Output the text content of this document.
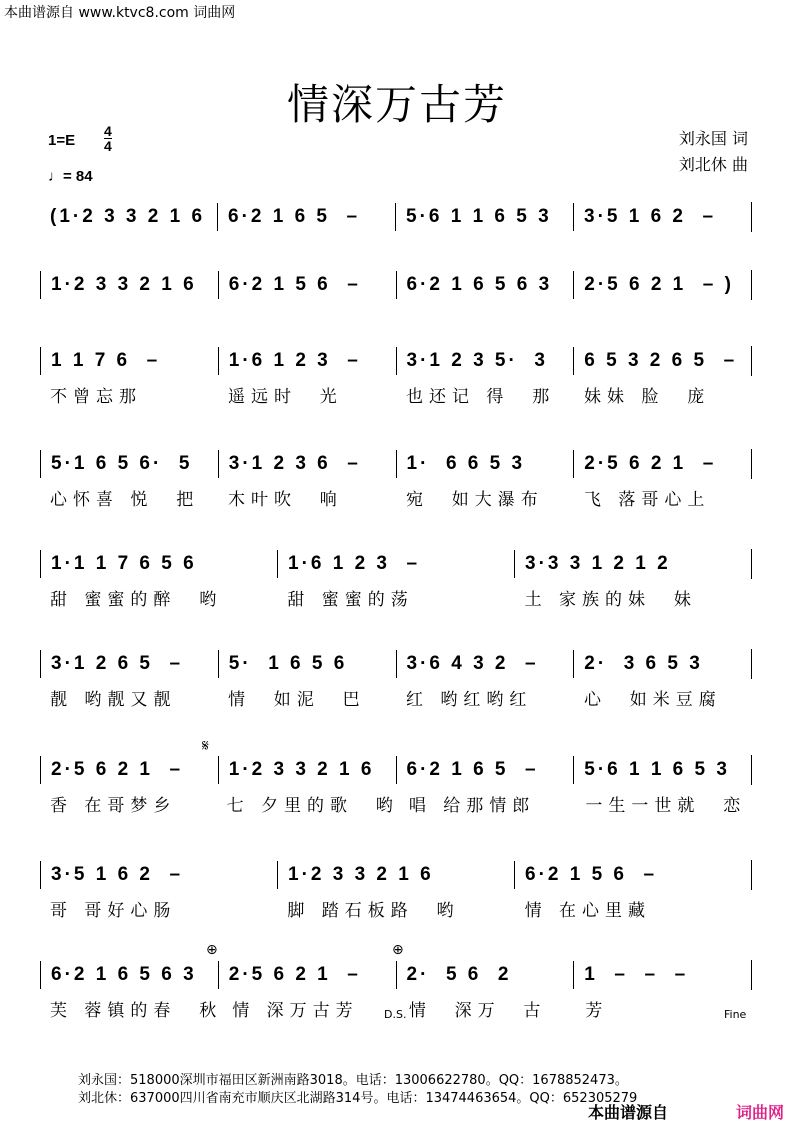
本曲谱源自 www.ktvc8.com 词曲网
情深万古芳
1=E
4
4
♩= 84
刘永国 词
刘北休 曲
(1·2 3 3 2 1 6	6·2 1 6 5  –	5·6 1 1 6 5 3	3·5 1 6 2  –
1·2 3 3 2 1 6	6·2 1 5 6  –	6·2 1 6 5 6 3	2·5 6 2 1  – )
1 1 7 6  –	1·6 1 2 3  –	3·1 2 3 5·  3	6 5 3 2 6 5  –
不曾忘那	遥远时  光	也还记 得  那	妹妹 脸  庞
5·1 6 5 6·  5	3·1 2 3 6  –	1·  6 6 5 3	2·5 6 2 1  –
心怀喜 悦  把	木叶吹  响	宛  如大瀑布	飞 落哥心上
1·1 1 7 6 5 6	1·6 1 2 3  –	3·3 3 1 2 1 2
甜 蜜蜜的醉  哟	甜 蜜蜜的荡	土 家族的妹  妹
3·1 2 6 5  –	5·  1 6 5 6	3·6 4 3 2  –	2·  3 6 5 3
靓 哟靓又靓	情  如泥  巴	红 哟红哟红	心  如米豆腐
2·5 6 2 1  –	1·2 3 3 2 1 6	6·2 1 6 5  –	5·6 1 1 6 5 3
香 在哥梦乡	七 夕里的歌  哟 唱 给那情郎	一生一世就  恋
3·5 1 6 2  –	1·2 3 3 2 1 6	6·2 1 5 6  –
哥 哥好心肠	脚 踏石板路  哟	情 在心里藏
6·2 1 6 5 6 3	2·5 6 2 1  –	2·  5 6  2	1  –  –  –
芙 蓉镇的春  秋 情 深万古芳	情  深万  古	芳
𝄋
⊕	⊕
D.S.	Fine
刘永国：518000深圳市福田区新洲南路3018。电话：13006622780。QQ：1678852473。
刘北休：637000四川省南充市顺庆区北湖路314号。电话：13474463654。QQ：652305279
本曲谱源自	词曲网
